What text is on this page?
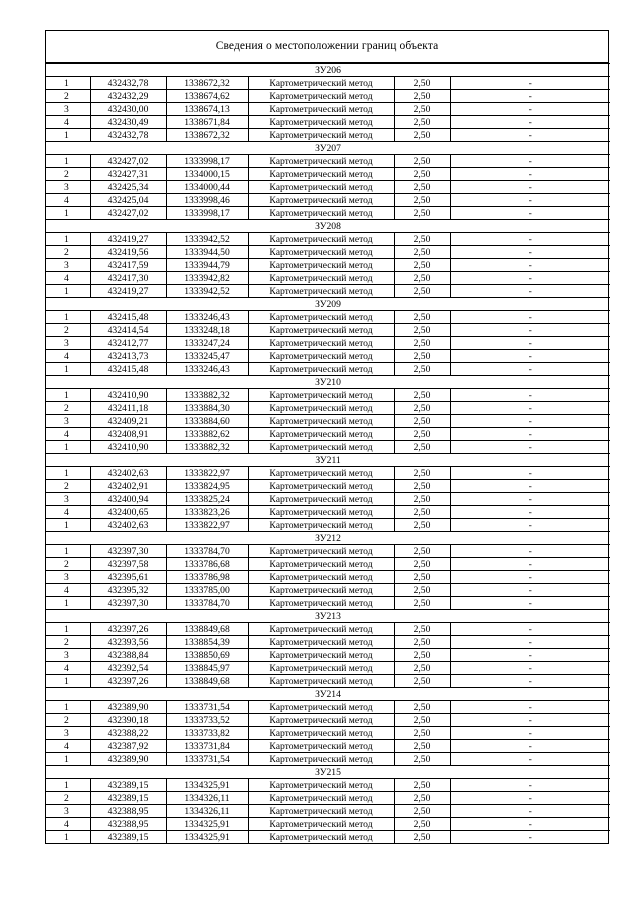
Сведения о местоположении границ объекта
ЗУ206					
1	432432,78	1338672,32	Картометрический метод	2,50	-
2	432432,29	1338674,62	Картометрический метод	2,50	-
3	432430,00	1338674,13	Картометрический метод	2,50	-
4	432430,49	1338671,84	Картометрический метод	2,50	-
1	432432,78	1338672,32	Картометрический метод	2,50	-
ЗУ207					
1	432427,02	1333998,17	Картометрический метод	2,50	-
2	432427,31	1334000,15	Картометрический метод	2,50	-
3	432425,34	1334000,44	Картометрический метод	2,50	-
4	432425,04	1333998,46	Картометрический метод	2,50	-
1	432427,02	1333998,17	Картометрический метод	2,50	-
ЗУ208					
1	432419,27	1333942,52	Картометрический метод	2,50	-
2	432419,56	1333944,50	Картометрический метод	2,50	-
3	432417,59	1333944,79	Картометрический метод	2,50	-
4	432417,30	1333942,82	Картометрический метод	2,50	-
1	432419,27	1333942,52	Картометрический метод	2,50	-
ЗУ209					
1	432415,48	1333246,43	Картометрический метод	2,50	-
2	432414,54	1333248,18	Картометрический метод	2,50	-
3	432412,77	1333247,24	Картометрический метод	2,50	-
4	432413,73	1333245,47	Картометрический метод	2,50	-
1	432415,48	1333246,43	Картометрический метод	2,50	-
ЗУ210					
1	432410,90	1333882,32	Картометрический метод	2,50	-
2	432411,18	1333884,30	Картометрический метод	2,50	-
3	432409,21	1333884,60	Картометрический метод	2,50	-
4	432408,91	1333882,62	Картометрический метод	2,50	-
1	432410,90	1333882,32	Картометрический метод	2,50	-
ЗУ211					
1	432402,63	1333822,97	Картометрический метод	2,50	-
2	432402,91	1333824,95	Картометрический метод	2,50	-
3	432400,94	1333825,24	Картометрический метод	2,50	-
4	432400,65	1333823,26	Картометрический метод	2,50	-
1	432402,63	1333822,97	Картометрический метод	2,50	-
ЗУ212					
1	432397,30	1333784,70	Картометрический метод	2,50	-
2	432397,58	1333786,68	Картометрический метод	2,50	-
3	432395,61	1333786,98	Картометрический метод	2,50	-
4	432395,32	1333785,00	Картометрический метод	2,50	-
1	432397,30	1333784,70	Картометрический метод	2,50	-
ЗУ213					
1	432397,26	1338849,68	Картометрический метод	2,50	-
2	432393,56	1338854,39	Картометрический метод	2,50	-
3	432388,84	1338850,69	Картометрический метод	2,50	-
4	432392,54	1338845,97	Картометрический метод	2,50	-
1	432397,26	1338849,68	Картометрический метод	2,50	-
ЗУ214					
1	432389,90	1333731,54	Картометрический метод	2,50	-
2	432390,18	1333733,52	Картометрический метод	2,50	-
3	432388,22	1333733,82	Картометрический метод	2,50	-
4	432387,92	1333731,84	Картометрический метод	2,50	-
1	432389,90	1333731,54	Картометрический метод	2,50	-
ЗУ215					
1	432389,15	1334325,91	Картометрический метод	2,50	-
2	432389,15	1334326,11	Картометрический метод	2,50	-
3	432388,95	1334326,11	Картометрический метод	2,50	-
4	432388,95	1334325,91	Картометрический метод	2,50	-
1	432389,15	1334325,91	Картометрический метод	2,50	-
